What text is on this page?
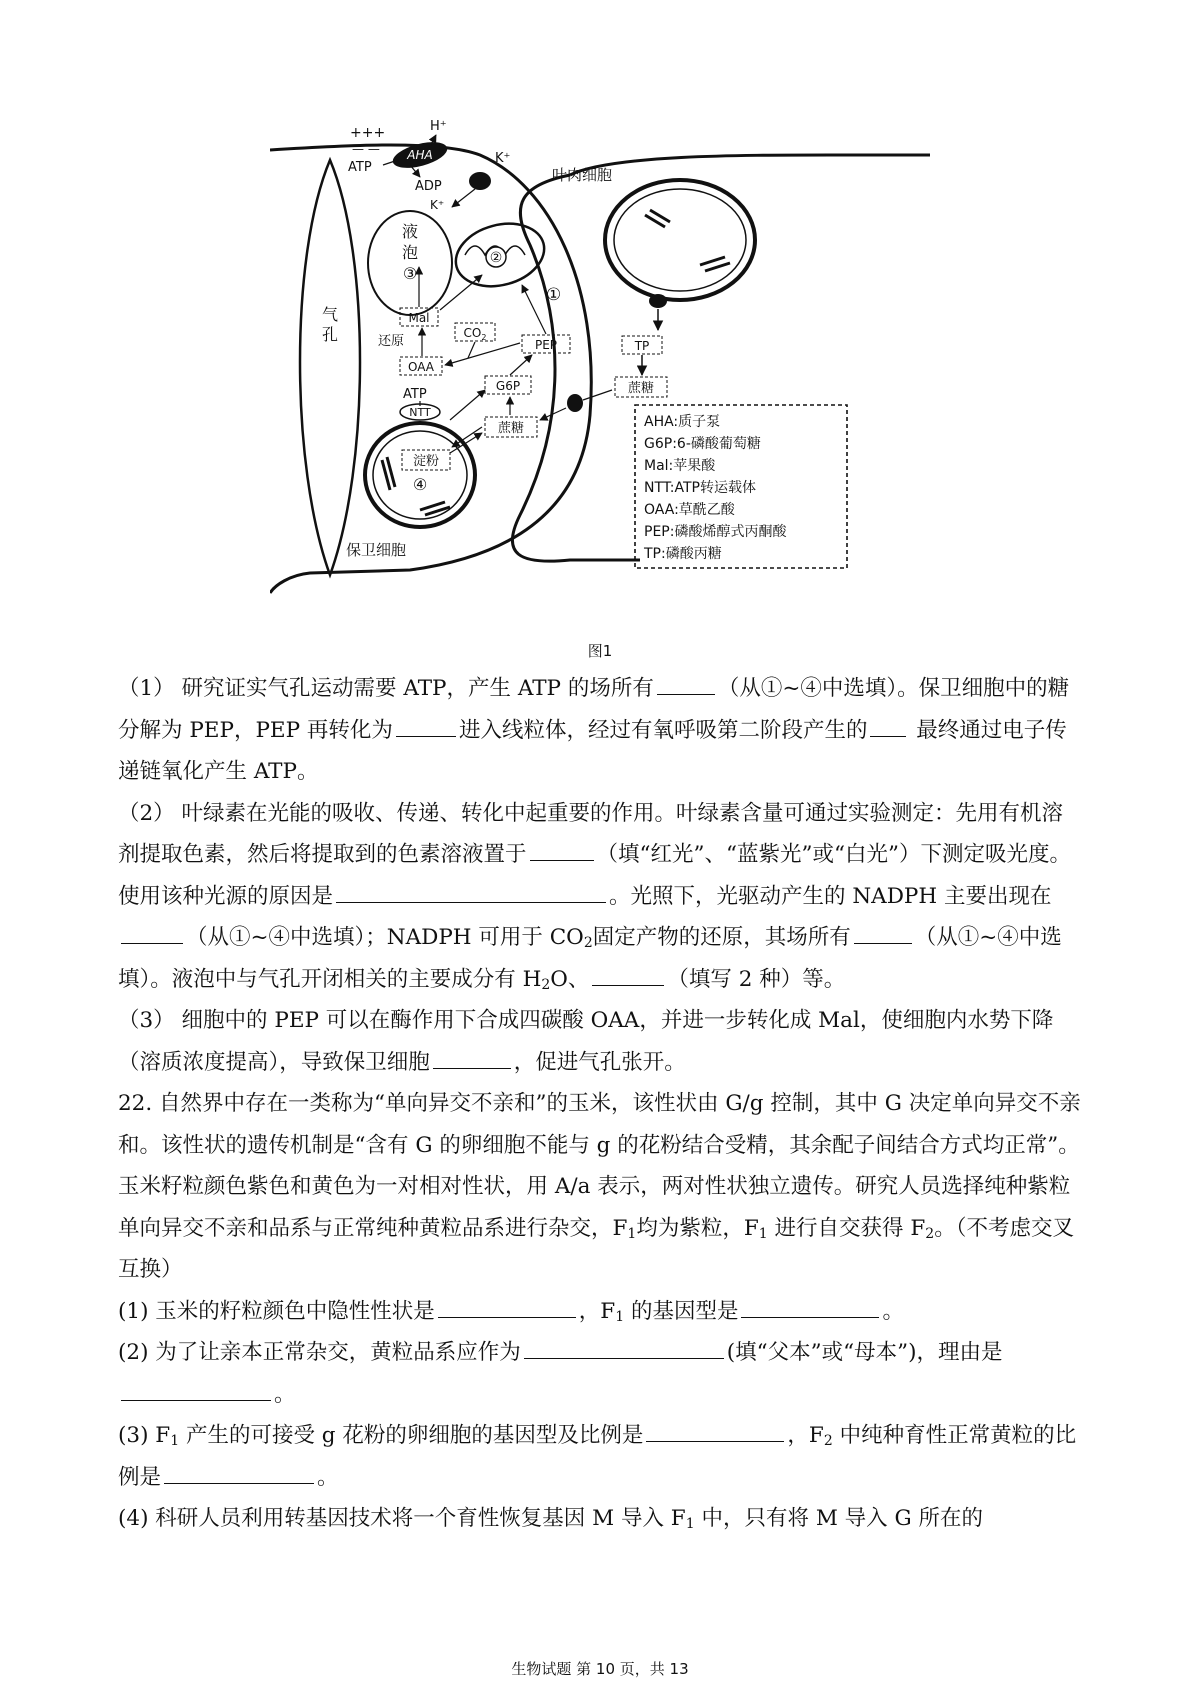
液
泡
③
②
①
AHA
+++
— —
H⁺
ATP
ADP
K⁺
K⁺
叶肉细胞
气
孔
Mal
$CO_2$
还原
OAA
PEP	TP
ATP
G6P	蔗糖
蔗糖
NTT
淀粉
④
保卫细胞
AHA:质子泵
G6P:6-磷酸葡萄糖
Mal:苹果酸
NTT:ATP转运载体
OAA:草酰乙酸
PEP:磷酸烯醇式丙酮酸
TP:磷酸丙糖
图1

（1） 研究证实气孔运动需要 ATP，产生 ATP 的场所有	（从①~④中选填）。保卫细胞中的糖分解为 PEP，PEP 再转化为	进入线粒体，经过有氧呼吸第二阶段产生的 最终通过电子传递链氧化产生 ATP。

（2） 叶绿素在光能的吸收、传递、转化中起重要的作用。叶绿素含量可通过实验测定：先用有机溶剂提取色素，然后将提取到的色素溶液置于	（填“红光”、“蓝紫光”或“白光”）下测定吸光度。使用该种光源的原因是	。光照下，光驱动产生的 NADPH 主要出现在（从①~④中选填）；NADPH 可用于 $CO_2$固定产物的还原，其场所有	（从①~④中选填）。液泡中与气孔开闭相关的主要成分有 $H_2O$、	（填写 2 种）等。

（3） 细胞中的 PEP 可以在酶作用下合成四碳酸 OAA，并进一步转化成 Mal，使细胞内水势下降（溶质浓度提高），导致保卫细胞	，促进气孔张开。

22. 自然界中存在一类称为“单向异交不亲和”的玉米，该性状由 G/g 控制，其中 G 决定单向异交不亲和。该性状的遗传机制是“含有 G 的卵细胞不能与 g 的花粉结合受精，其余配子间结合方式均正常”。玉米籽粒颜色紫色和黄色为一对相对性状，用 A/a 表示，两对性状独立遗传。研究人员选择纯种紫粒单向异交不亲和品系与正常纯种黄粒品系进行杂交，$F_1$均为紫粒，$F_1$ 进行自交获得 $F_2$。（不考虑交叉互换）

(1) 玉米的籽粒颜色中隐性性状是	，$F_1$ 的基因型是	。

(2) 为了让亲本正常杂交，黄粒品系应作为	(填“父本”或“母本”)，理由是。

(3) $F_1$ 产生的可接受 g 花粉的卵细胞的基因型及比例是	，$F_2$ 中纯种育性正常黄粒的比例是	。

(4) 科研人员利用转基因技术将一个育性恢复基因 M 导入 $F_1$ 中，只有将 M 导入 G 所在的

生物试题 第 10 页，共 13
